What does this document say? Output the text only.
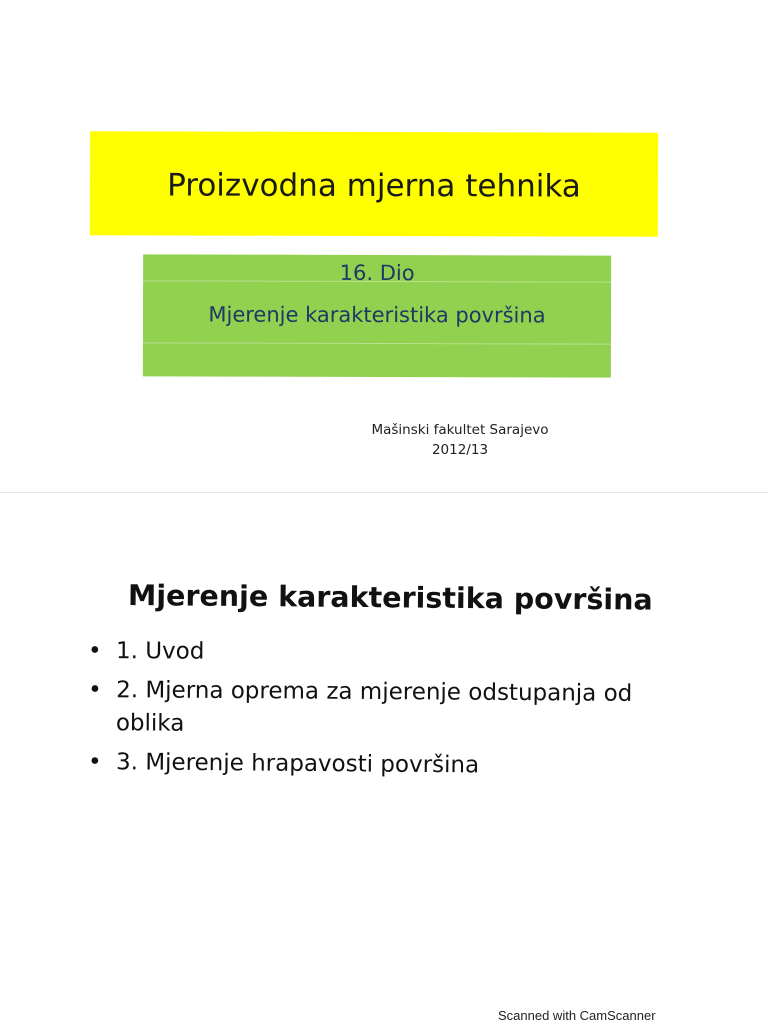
Proizvodna mjerna tehnika
16. Dio
Mjerenje karakteristika površina
Mašinski fakultet Sarajevo
2012/13
Mjerenje karakteristika površina
• 1. Uvod
• 2. Mjerna oprema za mjerenje odstupanja od oblika
• 3. Mjerenje hrapavosti površina
Scanned with CamScanner
